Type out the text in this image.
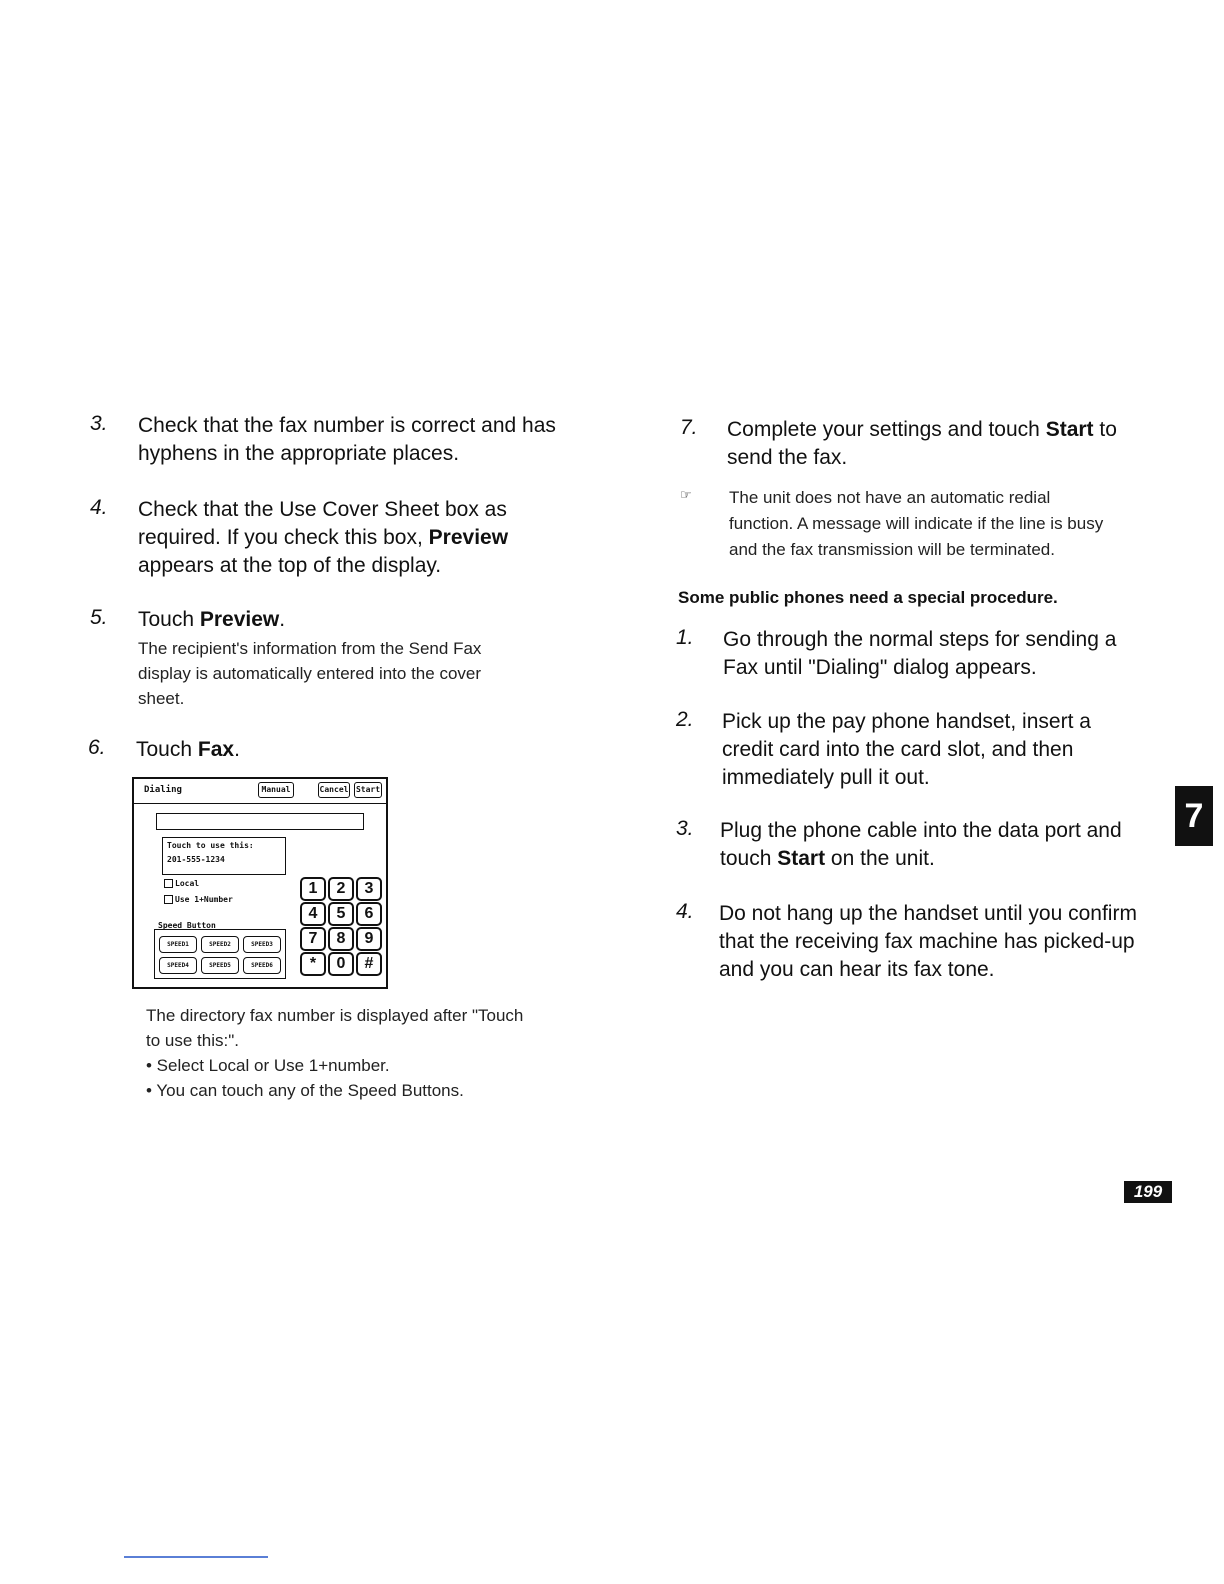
3. Check that the fax number is correct and has
hyphens in the appropriate places.
4. Check that the Use Cover Sheet box as
required. If you check this box, Preview
appears at the top of the display.
5. Touch Preview.
The recipient's information from the Send Fax
display is automatically entered into the cover
sheet.
6. Touch Fax.
Dialing	Manual	Cancel Start
Touch to use this:
201-555-1234
Local
Use 1+Number
Speed Button
SPEED1	SPEED2	SPEED3
SPEED4	SPEED5	SPEED6
1	2	3
4	5	6
7	8	9
*	0	#
The directory fax number is displayed after "Touch
to use this:".
• Select Local or Use 1+number.
• You can touch any of the Speed Buttons.
7. Complete your settings and touch Start to
send the fax.
☞ The unit does not have an automatic redial
function. A message will indicate if the line is busy
and the fax transmission will be terminated.
Some public phones need a special procedure.
1. Go through the normal steps for sending a
Fax until "Dialing" dialog appears.
2. Pick up the pay phone handset, insert a
credit card into the card slot, and then
immediately pull it out.
3. Plug the phone cable into the data port and
touch Start on the unit.
4. Do not hang up the handset until you confirm
that the receiving fax machine has picked-up
and you can hear its fax tone.
7
199
